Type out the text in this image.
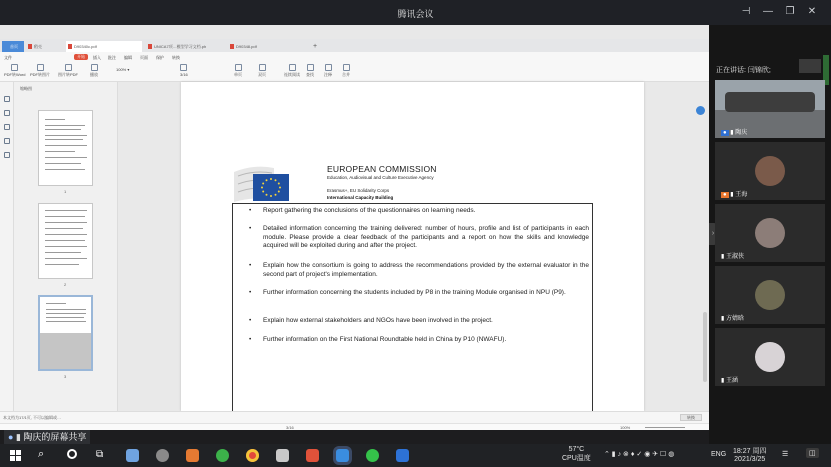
腾讯会议	⊣	—	❐	✕
首页	稻壳	D90340c.pdf	UNICA7项…模型学习文档.ph	D90348.pdf	+
文件	开始	插入 批注 编辑 页面 保护 转换
PDF转Word PDF转图片 图片转PDF	播放
100% ▾
3/16	单页	双页	连续阅读 查找	注释	合并
缩略图
1
2
3
EUROPEAN COMMISSION
Education, Audiovisual and Culture Executive Agency
Erasmus+, EU Solidarity Corps
International Capacity Building
• Report gathering the conclusions of the questionnaires on learning needs.
• Detailed information concerning the training delivered: number of hours, profile and list of participants in each module. Please provide a clear feedback of the participants and a report on how the skills and knowledge acquired will be exploited during and after the project.
• Explain how the consortium is going to address the recommendations provided by the external evaluator in the second part of project's implementation.
• Further information concerning the students included by P8 in the training Module organised in NPU (P9).
• Explain how external stakeholders and NGOs have been involved in the project.
• Further information on the First National Roundtable held in China by P10 (NWAFU).
本文档为17/1页, 不可以编辑或…	转换
3/16	100%
● ▮ 陶庆的屏幕共享
›
正在讲话: 闫锦欣;
● ▮ 陶庆
● ▮ 王海
▮ 王淑侠
▮ 方婧晗
▮ 王涵
⌕	⧉	57°C
CPU温度
⌃ ▮ ♪ ⊗ ♦ ✓ ◉ ✈ ☐ ◍	ENG 18:27 周四
2021/3/25
☰	◫
